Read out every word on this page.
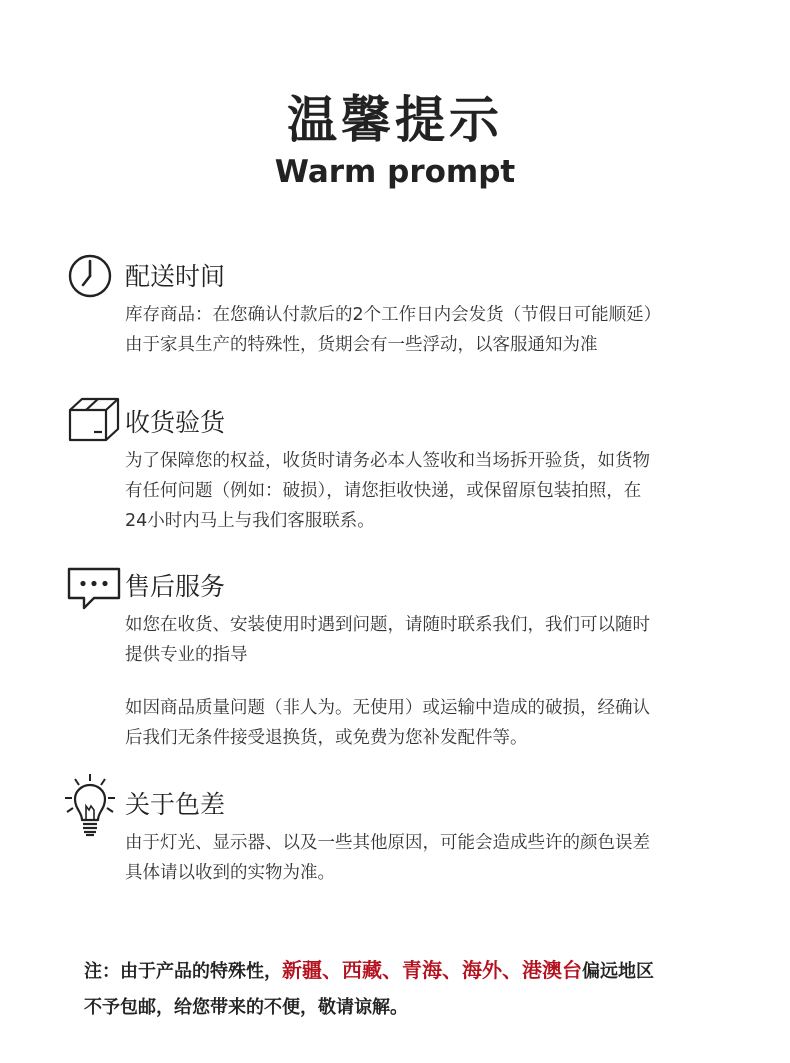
温馨提示
Warm prompt
配送时间

库存商品：在您确认付款后的2个工作日内会发货（节假日可能顺延）

由于家具生产的特殊性，货期会有一些浮动，以客服通知为准

收货验货

为了保障您的权益，收货时请务必本人签收和当场拆开验货，如货物

有任何问题（例如：破损），请您拒收快递，或保留原包装拍照，在

24小时内马上与我们客服联系。

售后服务

如您在收货、安装使用时遇到问题，请随时联系我们，我们可以随时

提供专业的指导

如因商品质量问题（非人为。无使用）或运输中造成的破损，经确认

后我们无条件接受退换货，或免费为您补发配件等。

关于色差

由于灯光、显示器、以及一些其他原因，可能会造成些许的颜色误差

具体请以收到的实物为准。

注：由于产品的特殊性，新疆、西藏、青海、海外、港澳台偏远地区
不予包邮，给您带来的不便，敬请谅解。
